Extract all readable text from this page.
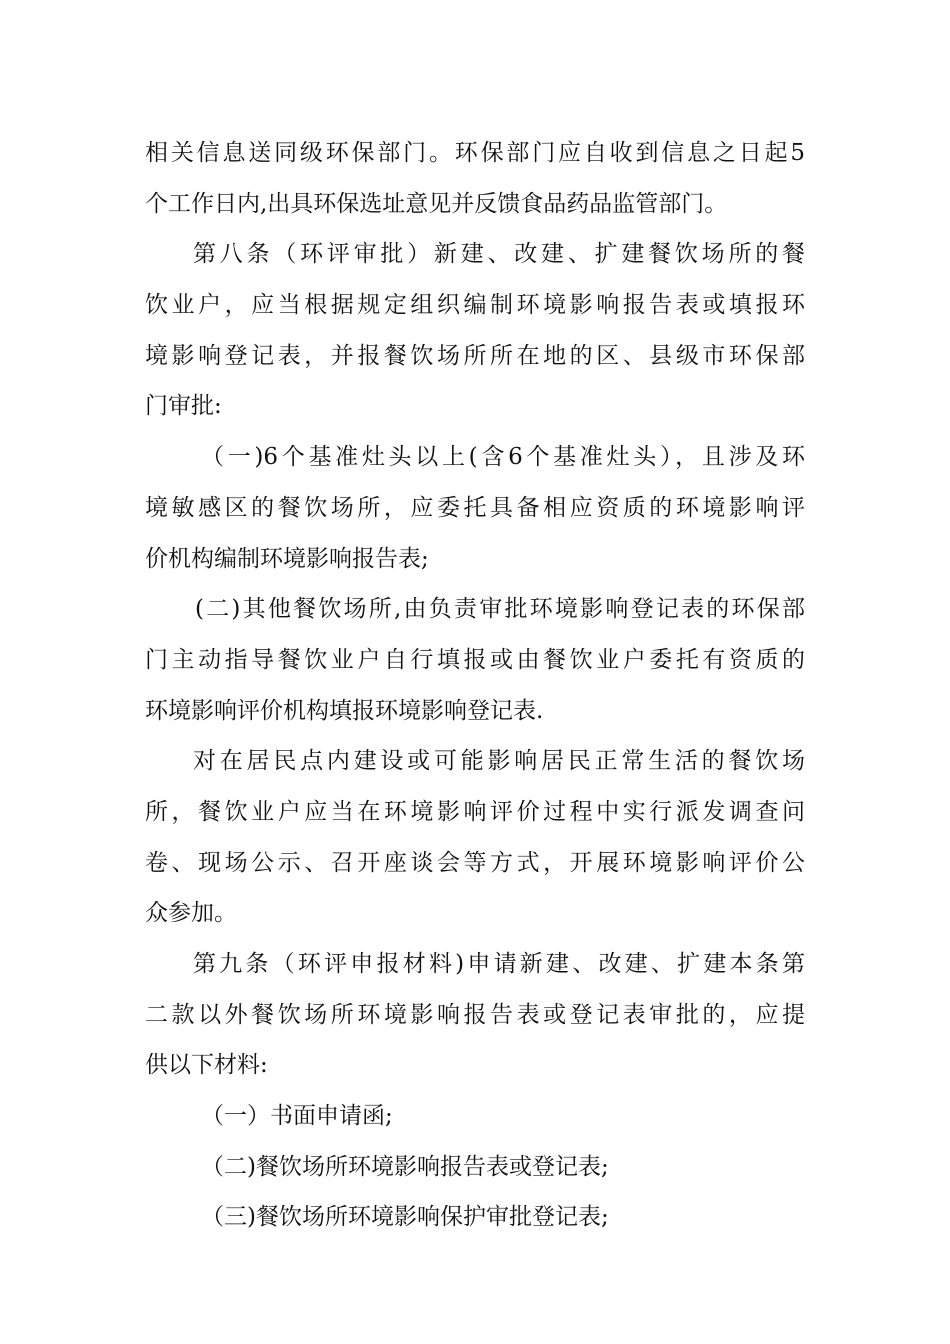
相关信息送同级环保部门。环保部门应自收到信息之日起5
个工作日内,出具环保选址意见并反馈食品药品监管部门。
第八条（环评审批）新建、改建、扩建餐饮场所的餐
饮业户，应当根据规定组织编制环境影响报告表或填报环
境影响登记表，并报餐饮场所所在地的区、县级市环保部
门审批:
（一)6个基准灶头以上(含6个基准灶头），且涉及环
境敏感区的餐饮场所，应委托具备相应资质的环境影响评
价机构编制环境影响报告表;
(二)其他餐饮场所,由负责审批环境影响登记表的环保部
门主动指导餐饮业户自行填报或由餐饮业户委托有资质的
环境影响评价机构填报环境影响登记表.
对在居民点内建设或可能影响居民正常生活的餐饮场
所，餐饮业户应当在环境影响评价过程中实行派发调查问
卷、现场公示、召开座谈会等方式，开展环境影响评价公
众参加。
第九条（环评申报材料)申请新建、改建、扩建本条第
二款以外餐饮场所环境影响报告表或登记表审批的，应提
供以下材料:
（一）书面申请函;
（二)餐饮场所环境影响报告表或登记表;
（三)餐饮场所环境影响保护审批登记表;
